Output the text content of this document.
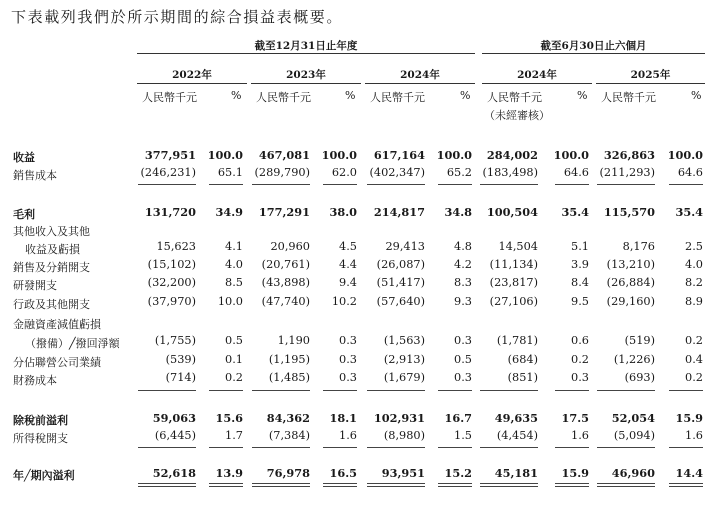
下表載列我們於所示期間的綜合損益表概要。
截至12月31日止年度	截至6月30日止六個月
2022年
人民幣千元	%
2023年
人民幣千元	%
2024年
人民幣千元	%
2024年
人民幣千元	%
2025年
人民幣千元	%
（未經審核）
收益	377,951	100.0	467,081	100.0	617,164	100.0	284,002	100.0	326,863	100.0
銷售成本	(246,231)	65.1	(289,790)	62.0	(402,347)	65.2 (183,498)	64.6 (211,293)	64.6
毛利	131,720	34.9	177,291	38.0	214,817	34.8	100,504	35.4	115,570	35.4
其他收入及其他
收益及虧損	15,623	4.1	20,960	4.5	29,413	4.8	14,504	5.1	8,176	2.5
銷售及分銷開支	(15,102)	4.0	(20,761)	4.4	(26,087)	4.2	(11,134)	3.9	(13,210)	4.0
研發開支	(32,200)	8.5	(43,898)	9.4	(51,417)	8.3	(23,817)	8.4	(26,884)	8.2
行政及其他開支	(37,970)	10.0	(47,740)	10.2	(57,640)	9.3	(27,106)	9.5	(29,160)	8.9
金融資產減值虧損
（撥備）╱撥回淨額	(1,755)	0.5	1,190	0.3	(1,563)	0.3	(1,781)	0.6	(519)	0.2
分佔聯營公司業績	(539)	0.1	(1,195)	0.3	(2,913)	0.5	(684)	0.2	(1,226)	0.4
財務成本	(714)	0.2	(1,485)	0.3	(1,679)	0.3	(851)	0.3	(693)	0.2
除稅前溢利	59,063	15.6	84,362	18.1	102,931	16.7	49,635	17.5	52,054	15.9
所得稅開支	(6,445)	1.7	(7,384)	1.6	(8,980)	1.5	(4,454)	1.6	(5,094)	1.6
年╱期內溢利	52,618	13.9	76,978	16.5	93,951	15.2	45,181	15.9	46,960	14.4
